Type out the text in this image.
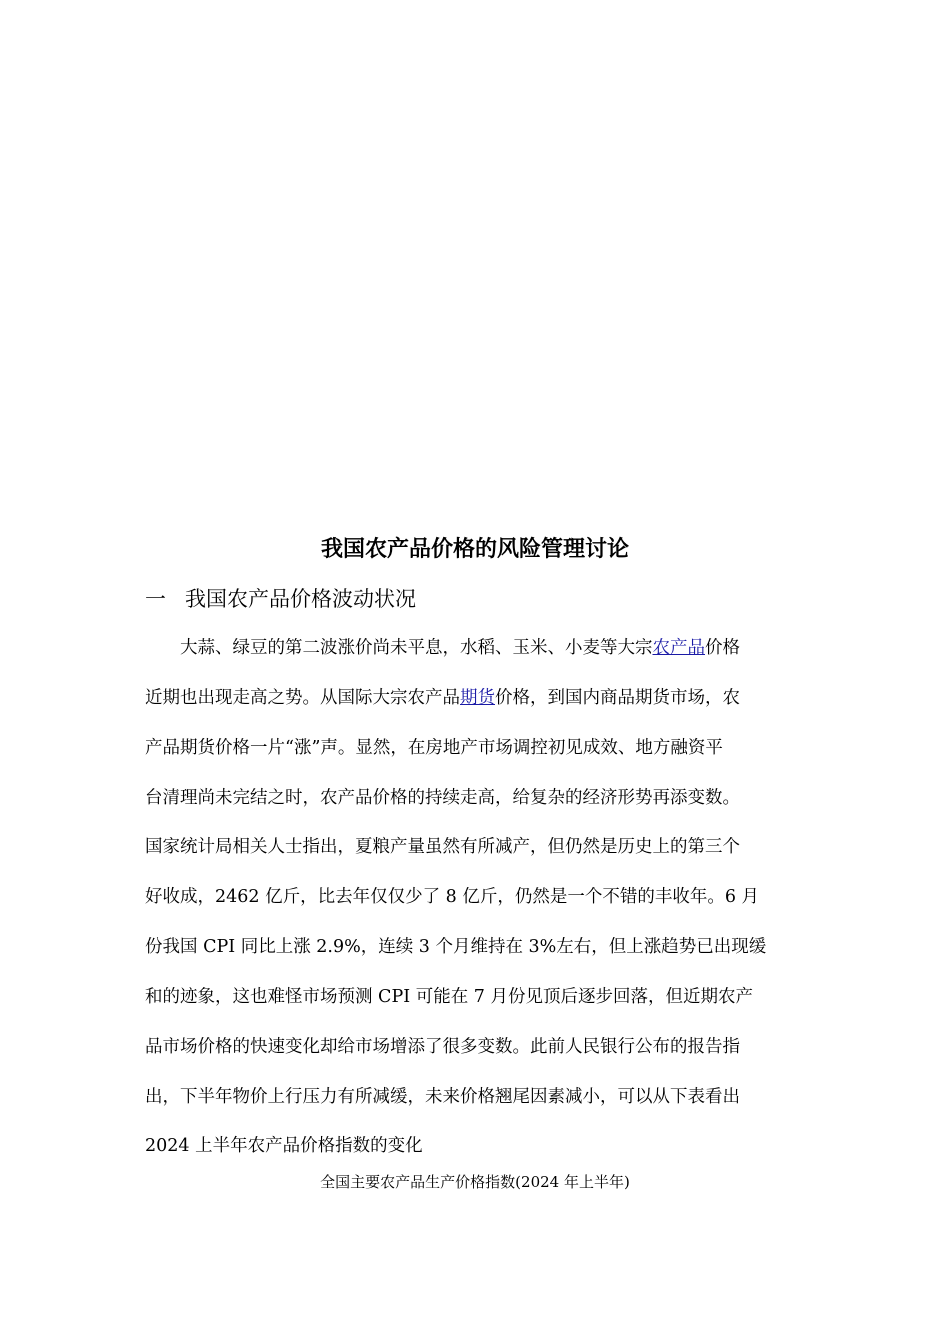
我国农产品价格的风险管理讨论
一 我国农产品价格波动状况
大蒜、绿豆的第二波涨价尚未平息，水稻、玉米、小麦等大宗农产品价格
近期也出现走高之势。从国际大宗农产品期货价格，到国内商品期货市场，农
产品期货价格一片“涨”声。显然，在房地产市场调控初见成效、地方融资平
台清理尚未完结之时，农产品价格的持续走高，给复杂的经济形势再添变数。
国家统计局相关人士指出，夏粮产量虽然有所减产，但仍然是历史上的第三个
好收成，2462 亿斤，比去年仅仅少了 8 亿斤，仍然是一个不错的丰收年。6 月
份我国 CPI 同比上涨 2.9%，连续 3 个月维持在 3%左右，但上涨趋势已出现缓
和的迹象，这也难怪市场预测 CPI 可能在 7 月份见顶后逐步回落，但近期农产
品市场价格的快速变化却给市场增添了很多变数。此前人民银行公布的报告指
出，下半年物价上行压力有所减缓，未来价格翘尾因素减小，可以从下表看出
2024 上半年农产品价格指数的变化
全国主要农产品生产价格指数(2024 年上半年)
